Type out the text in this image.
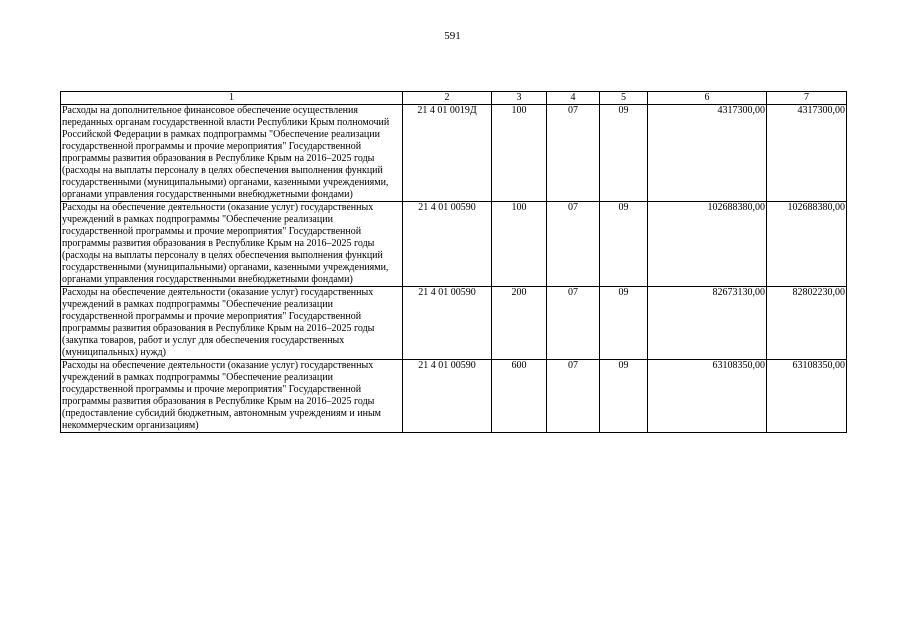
591
1	2	3	4	5	6	7
Расходы на дополнительное финансовое обеспечение осуществления переданных органам государственной власти Республики Крым полномочий Российской Федерации в рамках подпрограммы "Обеспечение реализации государственной программы и прочие мероприятия" Государственной программы развития образования в Республике Крым на 2016–2025 годы (расходы на выплаты персоналу в целях обеспечения выполнения функций государственными (муниципальными) органами, казенными учреждениями, органами управления государственными внебюджетными фондами)	21 4 01 0019Д	100	07	09	4317300,00	4317300,00
Расходы на обеспечение деятельности (оказание услуг) государственных учреждений в рамках подпрограммы "Обеспечение реализации государственной программы и прочие мероприятия" Государственной программы развития образования в Республике Крым на 2016–2025 годы (расходы на выплаты персоналу в целях обеспечения выполнения функций государственными (муниципальными) органами, казенными учреждениями, органами управления государственными внебюджетными фондами)	21 4 01 00590	100	07	09	102688380,00	102688380,00
Расходы на обеспечение деятельности (оказание услуг) государственных учреждений в рамках подпрограммы "Обеспечение реализации государственной программы и прочие мероприятия" Государственной программы развития образования в Республике Крым на 2016–2025 годы (закупка товаров, работ и услуг для обеспечения государственных (муниципальных) нужд)	21 4 01 00590	200	07	09	82673130,00	82802230,00
Расходы на обеспечение деятельности (оказание услуг) государственных учреждений в рамках подпрограммы "Обеспечение реализации государственной программы и прочие мероприятия" Государственной программы развития образования в Республике Крым на 2016–2025 годы (предоставление субсидий бюджетным, автономным учреждениям и иным некоммерческим организациям)	21 4 01 00590	600	07	09	63108350,00	63108350,00
